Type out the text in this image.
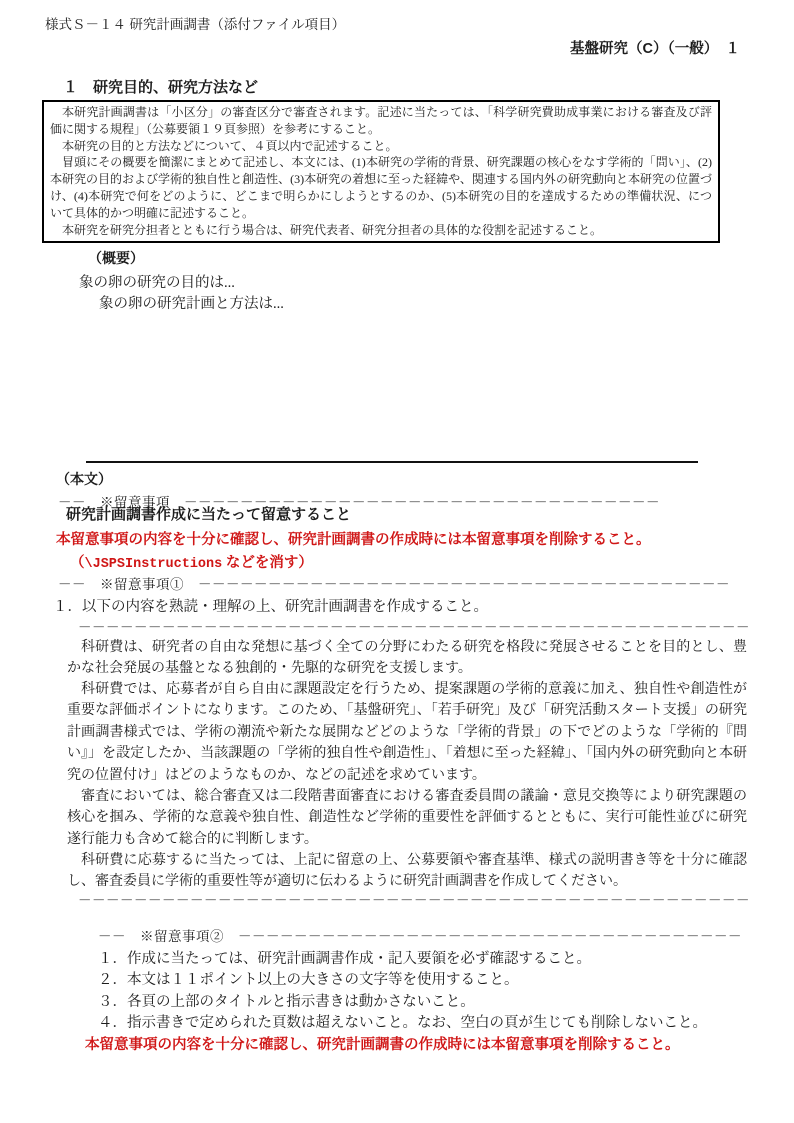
様式Ｓ－１４ 研究計画調書（添付ファイル項目）
基盤研究（C）（一般）　１
１　研究目的、研究方法など

本研究計画調書は「小区分」の審査区分で審査されます。記述に当たっては、「科学研究費助成事業における審査及び評価に関する規程」（公募要領１９頁参照）を参考にすること。

本研究の目的と方法などについて、４頁以内で記述すること。

冒頭にその概要を簡潔にまとめて記述し、本文には、(1)本研究の学術的背景、研究課題の核心をなす学術的「問い」、(2)本研究の目的および学術的独自性と創造性、(3)本研究の着想に至った経緯や、関連する国内外の研究動向と本研究の位置づけ、(4)本研究で何をどのように、どこまで明らかにしようとするのか、(5)本研究の目的を達成するための準備状況、について具体的かつ明確に記述すること。

本研究を研究分担者とともに行う場合は、研究代表者、研究分担者の具体的な役割を記述すること。

（概要）
象の卵の研究の目的は...
象の卵の研究計画と方法は...
（本文）
－－　※留意事項　－－－－－－－－－－－－－－－－－－－－－－－－－－－－－－－－－－
研究計画調書作成に当たって留意すること
本留意事項の内容を十分に確認し、研究計画調書の作成時には本留意事項を削除すること。
（\JSPSInstructions などを消す）
－－　※留意事項①　－－－－－－－－－－－－－－－－－－－－－－－－－－－－－－－－－－－－－－
１．以下の内容を熟読・理解の上、研究計画調書を作成すること。
－－－－－－－－－－－－－－－－－－－－－－－－－－－－－－－－－－－－－－－－－－－－－－－－

科研費は、研究者の自由な発想に基づく全ての分野にわたる研究を格段に発展させることを目的とし、豊かな社会発展の基盤となる独創的・先駆的な研究を支援します。

科研費では、応募者が自ら自由に課題設定を行うため、提案課題の学術的意義に加え、独自性や創造性が重要な評価ポイントになります。このため、「基盤研究」、「若手研究」及び「研究活動スタート支援」の研究計画調書様式では、学術の潮流や新たな展開などどのような「学術的背景」の下でどのような「学術的『問い』」を設定したか、当該課題の「学術的独自性や創造性」、「着想に至った経緯」、「国内外の研究動向と本研究の位置付け」はどのようなものか、などの記述を求めています。

審査においては、総合審査又は二段階書面審査における審査委員間の議論・意見交換等により研究課題の核心を掴み、学術的な意義や独自性、創造性など学術的重要性を評価するとともに、実行可能性並びに研究遂行能力も含めて総合的に判断します。

科研費に応募するに当たっては、上記に留意の上、公募要領や審査基準、様式の説明書き等を十分に確認し、審査委員に学術的重要性等が適切に伝わるように研究計画調書を作成してください。

－－－－－－－－－－－－－－－－－－－－－－－－－－－－－－－－－－－－－－－－－－－－－－－－
－－　※留意事項②　－－－－－－－－－－－－－－－－－－－－－－－－－－－－－－－－－－－－
１．作成に当たっては、研究計画調書作成・記入要領を必ず確認すること。
２．本文は１１ポイント以上の大きさの文字等を使用すること。
３．各頁の上部のタイトルと指示書きは動かさないこと。
４．指示書きで定められた頁数は超えないこと。なお、空白の頁が生じても削除しないこと。
本留意事項の内容を十分に確認し、研究計画調書の作成時には本留意事項を削除すること。
